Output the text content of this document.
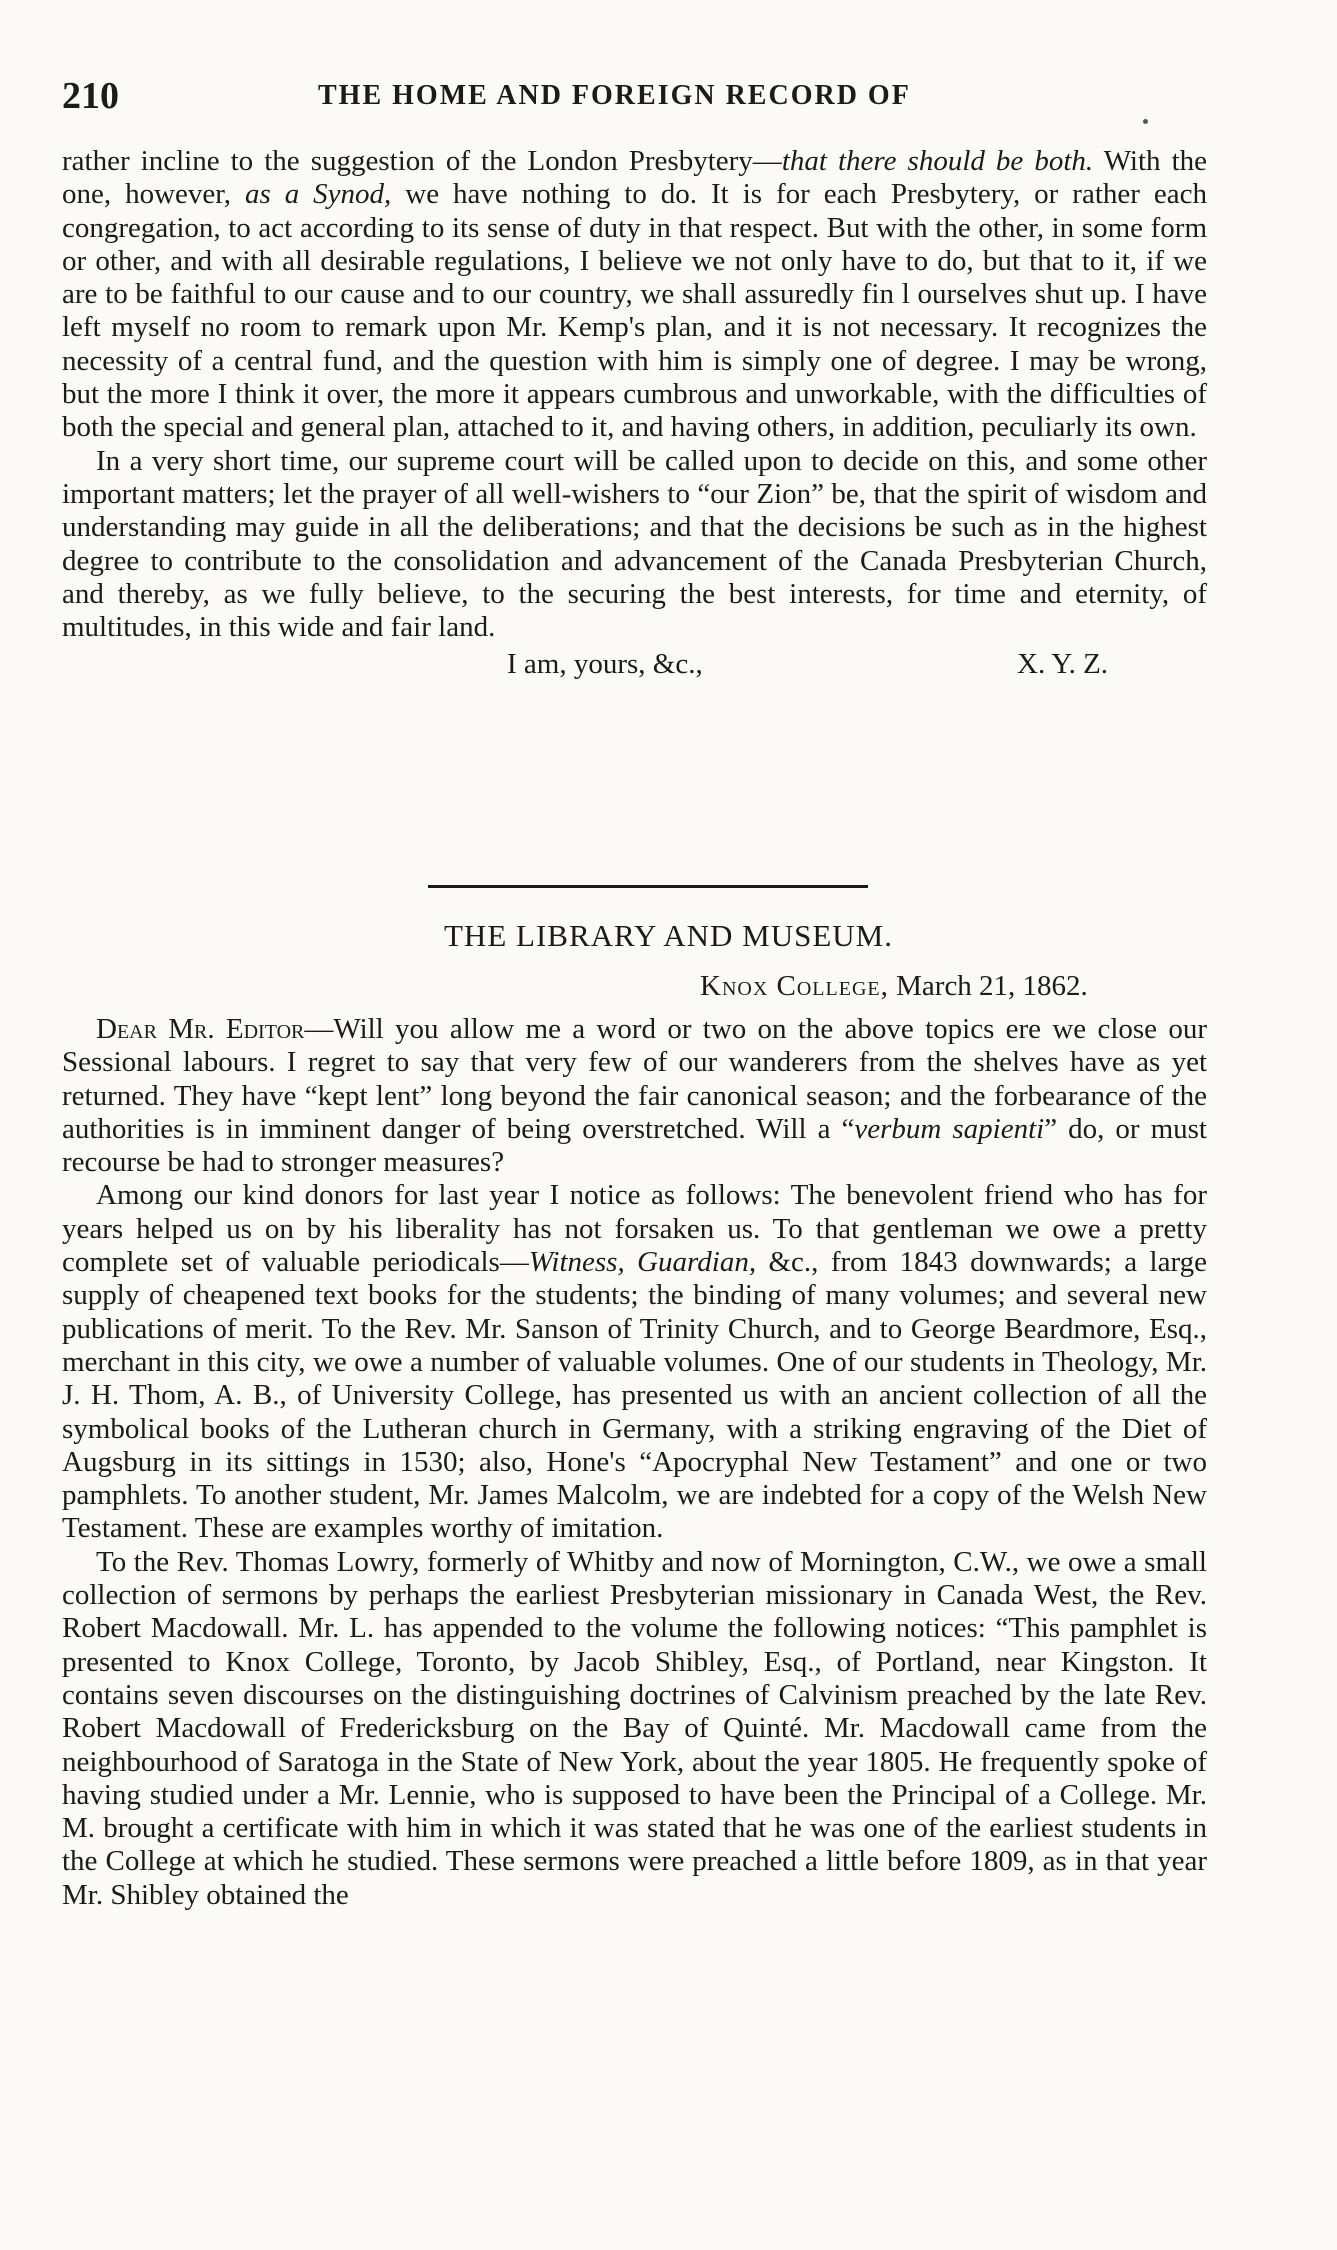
210	THE HOME AND FOREIGN RECORD OF

rather incline to the suggestion of the London Presbytery—that there should be both. With the one, however, as a Synod, we have nothing to do. It is for each Presbytery, or rather each congregation, to act according to its sense of duty in that respect. But with the other, in some form or other, and with all desirable regulations, I believe we not only have to do, but that to it, if we are to be faithful to our cause and to our country, we shall assuredly fin l ourselves shut up. I have left myself no room to remark upon Mr. Kemp's plan, and it is not necessary. It recognizes the necessity of a central fund, and the question with him is simply one of degree. I may be wrong, but the more I think it over, the more it appears cumbrous and unworkable, with the difficulties of both the special and general plan, attached to it, and having others, in addition, peculiarly its own.

In a very short time, our supreme court will be called upon to decide on this, and some other important matters; let the prayer of all well-wishers to “our Zion” be, that the spirit of wisdom and understanding may guide in all the deliberations; and that the decisions be such as in the highest degree to contribute to the consolidation and advancement of the Canada Presbyterian Church, and thereby, as we fully believe, to the securing the best interests, for time and eternity, of multitudes, in this wide and fair land.

I am, yours, &c.,	X. Y. Z.
THE LIBRARY AND MUSEUM.
Knox College, March 21, 1862.

Dear Mr. Editor—Will you allow me a word or two on the above topics ere we close our Sessional labours. I regret to say that very few of our wanderers from the shelves have as yet returned. They have “kept lent” long beyond the fair canonical season; and the forbearance of the authorities is in imminent danger of being overstretched. Will a “verbum sapienti” do, or must recourse be had to stronger measures?

Among our kind donors for last year I notice as follows: The benevolent friend who has for years helped us on by his liberality has not forsaken us. To that gentleman we owe a pretty complete set of valuable periodicals—Witness, Guardian, &c., from 1843 downwards; a large supply of cheapened text books for the students; the binding of many volumes; and several new publications of merit. To the Rev. Mr. Sanson of Trinity Church, and to George Beardmore, Esq., merchant in this city, we owe a number of valuable volumes. One of our students in Theology, Mr. J. H. Thom, A. B., of University College, has presented us with an ancient collection of all the symbolical books of the Lutheran church in Germany, with a striking engraving of the Diet of Augsburg in its sittings in 1530; also, Hone's “Apocryphal New Testament” and one or two pamphlets. To another student, Mr. James Malcolm, we are indebted for a copy of the Welsh New Testament. These are examples worthy of imitation.

To the Rev. Thomas Lowry, formerly of Whitby and now of Mornington, C.W., we owe a small collection of sermons by perhaps the earliest Presbyterian missionary in Canada West, the Rev. Robert Macdowall. Mr. L. has appended to the volume the following notices: “This pamphlet is presented to Knox College, Toronto, by Jacob Shibley, Esq., of Portland, near Kingston. It contains seven discourses on the distinguishing doctrines of Calvinism preached by the late Rev. Robert Macdowall of Fredericksburg on the Bay of Quinté. Mr. Macdowall came from the neighbourhood of Saratoga in the State of New York, about the year 1805. He frequently spoke of having studied under a Mr. Lennie, who is supposed to have been the Principal of a College. Mr. M. brought a certificate with him in which it was stated that he was one of the earliest students in the College at which he studied. These sermons were preached a little before 1809, as in that year Mr. Shibley obtained the
